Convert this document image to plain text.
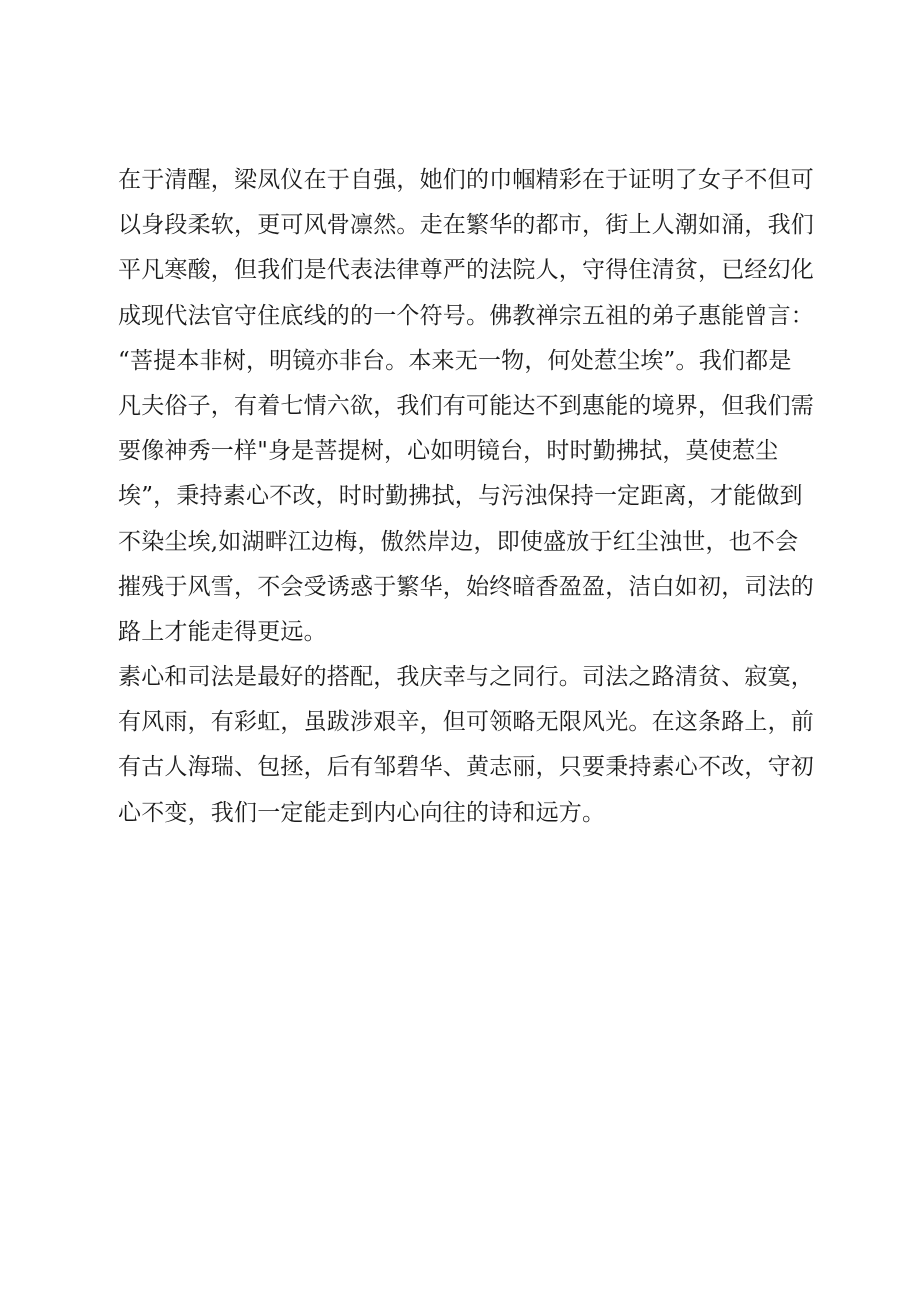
在于清醒，梁凤仪在于自强，她们的巾帼精彩在于证明了女子不但可
以身段柔软，更可风骨凛然。走在繁华的都市，街上人潮如涌，我们
平凡寒酸，但我们是代表法律尊严的法院人，守得住清贫，已经幻化
成现代法官守住底线的的一个符号。佛教禅宗五祖的弟子惠能曾言：
“菩提本非树，明镜亦非台。本来无一物，何处惹尘埃”。我们都是
凡夫俗子，有着七情六欲，我们有可能达不到惠能的境界，但我们需
要像神秀一样"身是菩提树，心如明镜台，时时勤拂拭，莫使惹尘
埃”，秉持素心不改，时时勤拂拭，与污浊保持一定距离，才能做到
不染尘埃,如湖畔江边梅，傲然岸边，即使盛放于红尘浊世，也不会
摧残于风雪，不会受诱惑于繁华，始终暗香盈盈，洁白如初，司法的
路上才能走得更远。
素心和司法是最好的搭配，我庆幸与之同行。司法之路清贫、寂寞，
有风雨，有彩虹，虽跋涉艰辛，但可领略无限风光。在这条路上，前
有古人海瑞、包拯，后有邹碧华、黄志丽，只要秉持素心不改，守初
心不变，我们一定能走到内心向往的诗和远方。
